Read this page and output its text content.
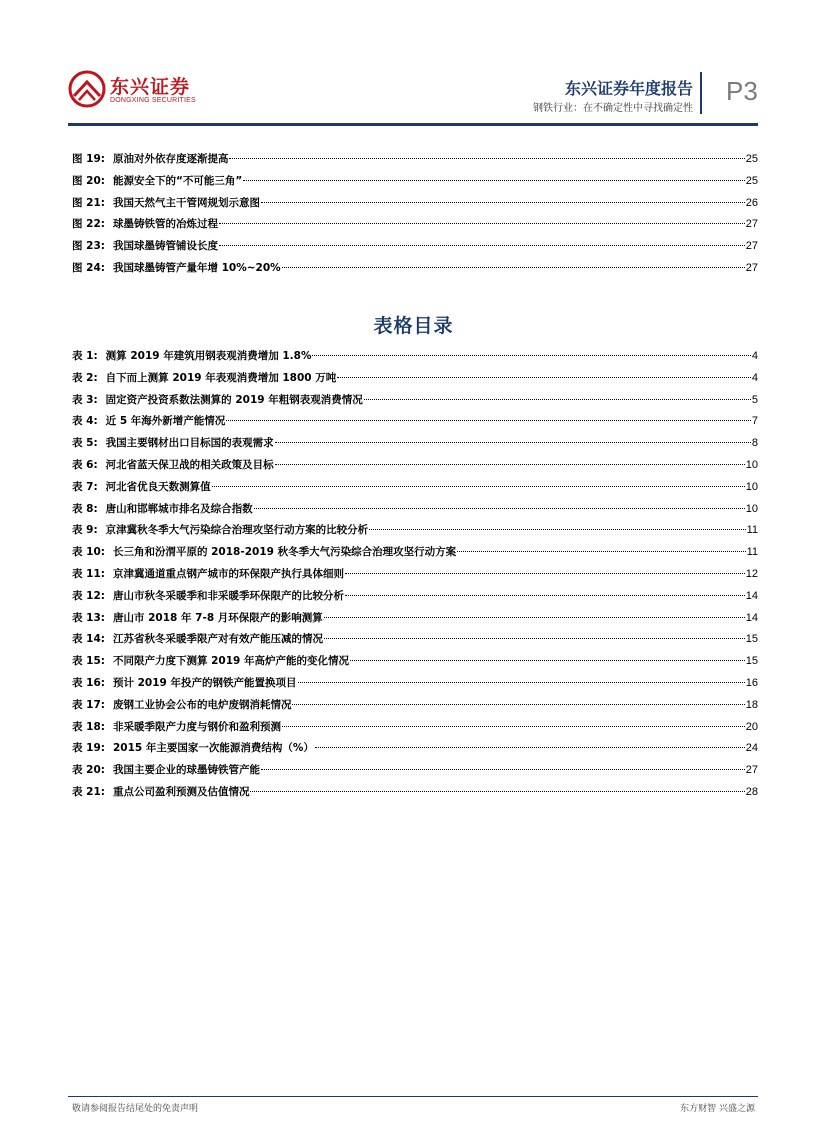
东兴证券
DONGXING SECURITIES
东兴证券年度报告
钢铁行业：在不确定性中寻找确定性
P3
图 19: 原油对外依存度逐渐提高	25
图 20: 能源安全下的“不可能三角”	25
图 21: 我国天然气主干管网规划示意图	26
图 22: 球墨铸铁管的冶炼过程	27
图 23: 我国球墨铸管铺设长度	27
图 24: 我国球墨铸管产量年增 10%~20%	27
表格目录
表 1: 测算 2019 年建筑用钢表观消费增加 1.8%	4
表 2: 自下而上测算 2019 年表观消费增加 1800 万吨	4
表 3: 固定资产投资系数法测算的 2019 年粗钢表观消费情况	5
表 4: 近 5 年海外新增产能情况	7
表 5: 我国主要钢材出口目标国的表观需求	8
表 6: 河北省蓝天保卫战的相关政策及目标	10
表 7: 河北省优良天数测算值	10
表 8: 唐山和邯郸城市排名及综合指数	10
表 9: 京津冀秋冬季大气污染综合治理攻坚行动方案的比较分析	11
表 10: 长三角和汾渭平原的 2018-2019 秋冬季大气污染综合治理攻坚行动方案	11
表 11: 京津冀通道重点钢产城市的环保限产执行具体细则	12
表 12: 唐山市秋冬采暖季和非采暖季环保限产的比较分析	14
表 13: 唐山市 2018 年 7-8 月环保限产的影响测算	14
表 14: 江苏省秋冬采暖季限产对有效产能压减的情况	15
表 15: 不同限产力度下测算 2019 年高炉产能的变化情况	15
表 16: 预计 2019 年投产的钢铁产能置换项目	16
表 17: 废钢工业协会公布的电炉废钢消耗情况	18
表 18: 非采暖季限产力度与钢价和盈利预测	20
表 19: 2015 年主要国家一次能源消费结构（%）	24
表 20: 我国主要企业的球墨铸铁管产能	27
表 21: 重点公司盈利预测及估值情况	28
敬请参阅报告结尾处的免责声明	东方财智 兴盛之源
